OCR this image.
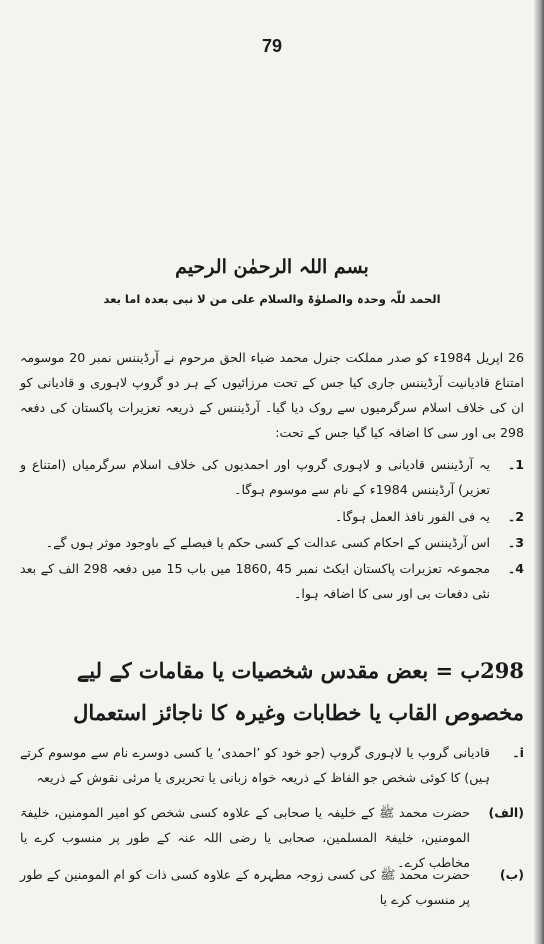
79
بسم اللہ الرحمٰن الرحیم
الحمد للّٰہ وحدہ والصلوٰۃ والسلام علی من لا نبی بعدہ اما بعد
26 اپریل 1984ء کو صدر مملکت جنرل محمد ضیاء الحق مرحوم نے آرڈیننس نمبر 20 موسومہ امتناع قادیانیت آرڈیننس جاری کیا جس کے تحت مرزائیوں کے ہر دو گروپ لاہوری و قادیانی کو ان کی خلاف اسلام سرگرمیوں سے روک دیا گیا۔ آرڈیننس کے ذریعہ تعزیرات پاکستان کی دفعہ 298 بی اور سی کا اضافہ کیا گیا جس کے تحت:
1۔
یہ آرڈیننس قادیانی و لاہوری گروپ اور احمدیوں کی خلاف اسلام سرگرمیاں (امتناع و تعزیر) آرڈیننس 1984ء کے نام سے موسوم ہوگا۔
2۔
یہ فی الفور نافذ العمل ہوگا۔
3۔
اس آرڈیننس کے احکام کسی عدالت کے کسی حکم یا فیصلے کے باوجود موثر ہوں گے۔
4۔
مجموعہ تعزیرات پاکستان ایکٹ نمبر 45 ,1860 میں باب 15 میں دفعہ 298 الف کے بعد نئی دفعات بی اور سی کا اضافہ ہوا۔
298ب = بعض مقدس شخصیات یا مقامات کے لیے مخصوص القاب یا خطابات وغیرہ کا ناجائز استعمال
i۔
قادیانی گروپ یا لاہوری گروپ (جو خود کو ’احمدی‘ یا کسی دوسرے نام سے موسوم کرتے ہیں) کا کوئی شخص جو الفاظ کے ذریعہ خواہ زبانی یا تحریری یا مرئی نقوش کے ذریعہ
(الف)
حضرت محمد ﷺ کے خلیفہ یا صحابی کے علاوہ کسی شخص کو امیر المومنین، خلیفۃ المومنین، خلیفۃ المسلمین، صحابی یا رضی اللہ عنہ کے طور پر منسوب کرے یا مخاطب کرے۔
(ب)
حضرت محمد ﷺ کی کسی زوجہ مطہرہ کے علاوہ کسی ذات کو ام المومنین کے طور پر منسوب کرے یا
